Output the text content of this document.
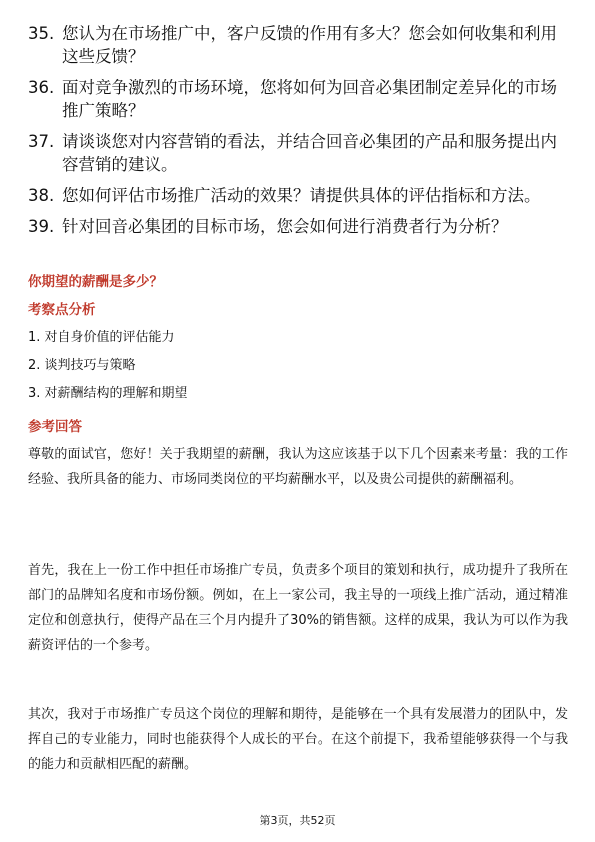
35. 您认为在市场推广中，客户反馈的作用有多大？您会如何收集和利用这些反馈？
36. 面对竞争激烈的市场环境，您将如何为回音必集团制定差异化的市场推广策略？
37. 请谈谈您对内容营销的看法，并结合回音必集团的产品和服务提出内容营销的建议。
38. 您如何评估市场推广活动的效果？请提供具体的评估指标和方法。
39. 针对回音必集团的目标市场，您会如何进行消费者行为分析？
你期望的薪酬是多少？
考察点分析
1. 对自身价值的评估能力
2. 谈判技巧与策略
3. 对薪酬结构的理解和期望
参考回答
尊敬的面试官，您好！关于我期望的薪酬，我认为这应该基于以下几个因素来考量：我的工作经验、我所具备的能力、市场同类岗位的平均薪酬水平，以及贵公司提供的薪酬福利。
首先，我在上一份工作中担任市场推广专员，负责多个项目的策划和执行，成功提升了我所在部门的品牌知名度和市场份额。例如，在上一家公司，我主导的一项线上推广活动，通过精准定位和创意执行，使得产品在三个月内提升了30%的销售额。这样的成果，我认为可以作为我薪资评估的一个参考。
其次，我对于市场推广专员这个岗位的理解和期待，是能够在一个具有发展潜力的团队中，发挥自己的专业能力，同时也能获得个人成长的平台。在这个前提下，我希望能够获得一个与我的能力和贡献相匹配的薪酬。
第3页，共52页
